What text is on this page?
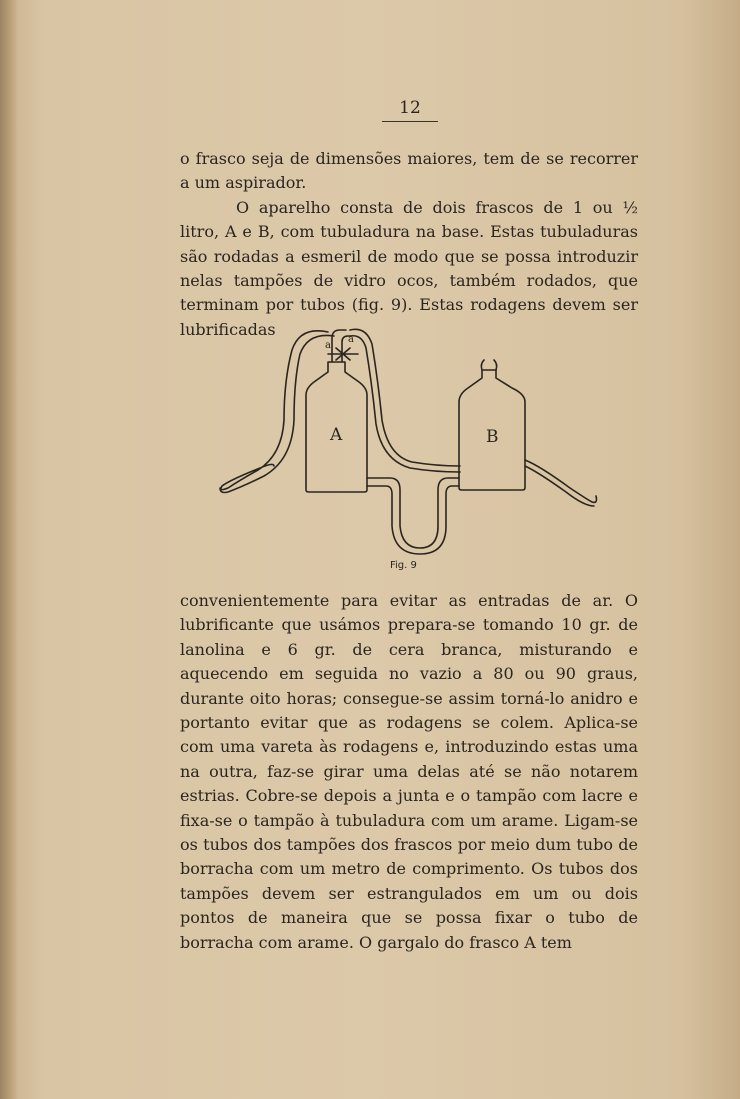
12

o frasco seja de dimensões maiores, tem de se recorrer a um aspirador.

O aparelho consta de dois frascos de 1 ou ½ litro, A e B, com tubuladura na base. Estas tubuladuras são rodadas a esmeril de modo que se possa introduzir nelas tampões de vidro ocos, também rodados, que terminam por tubos (fig. 9). Estas rodagens devem ser lubrificadas

a
a
A	B
Fig. 9

convenientemente para evitar as entradas de ar. O lubrificante que usámos prepara-se tomando 10 gr. de lanolina e 6 gr. de cera branca, misturando e aquecendo em seguida no vazio a 80 ou 90 graus, durante oito horas; consegue-se assim torná-lo anidro e portanto evitar que as rodagens se colem. Aplica-se com uma vareta às rodagens e, introduzindo estas uma na outra, faz-se girar uma delas até se não notarem estrias. Cobre-se depois a junta e o tampão com lacre e fixa-se o tampão à tubuladura com um arame. Ligam-se os tubos dos tampões dos frascos por meio dum tubo de borracha com um metro de comprimento. Os tubos dos tampões devem ser estrangulados em um ou dois pontos de maneira que se possa fixar o tubo de borracha com arame. O gargalo do frasco A tem
